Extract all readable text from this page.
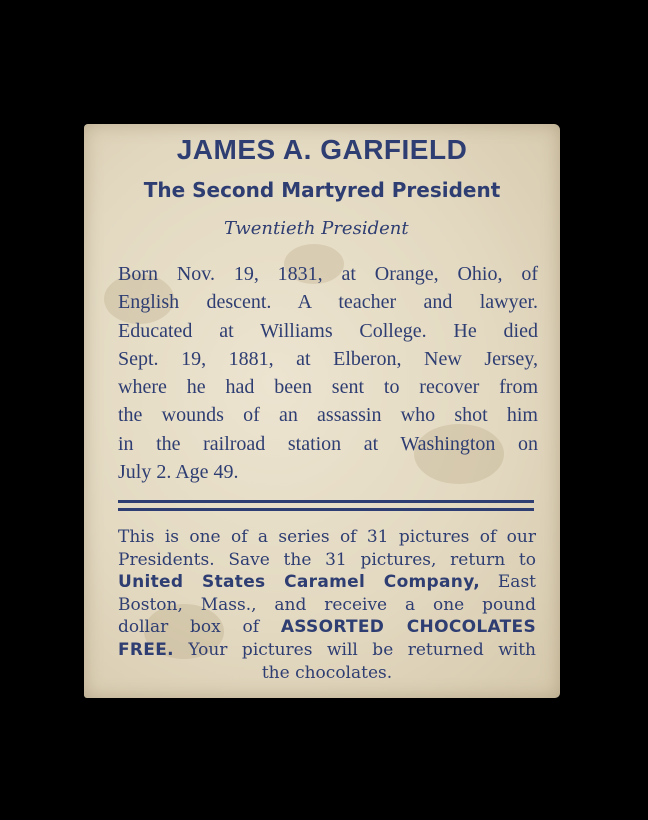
JAMES A. GARFIELD
The Second Martyred President
Twentieth President
Born Nov. 19, 1831, at Orange, Ohio, of
English descent. A teacher and lawyer.
Educated at Williams College. He died
Sept. 19, 1881, at Elberon, New Jersey,
where he had been sent to recover from
the wounds of an assassin who shot him
in the railroad station at Washington on
July 2. Age 49.
This is one of a series of 31 pictures of our
Presidents. Save the 31 pictures, return to
United States Caramel Company, East
Boston, Mass., and receive a one pound
dollar box of ASSORTED CHOCOLATES
FREE. Your pictures will be returned with
the chocolates.
